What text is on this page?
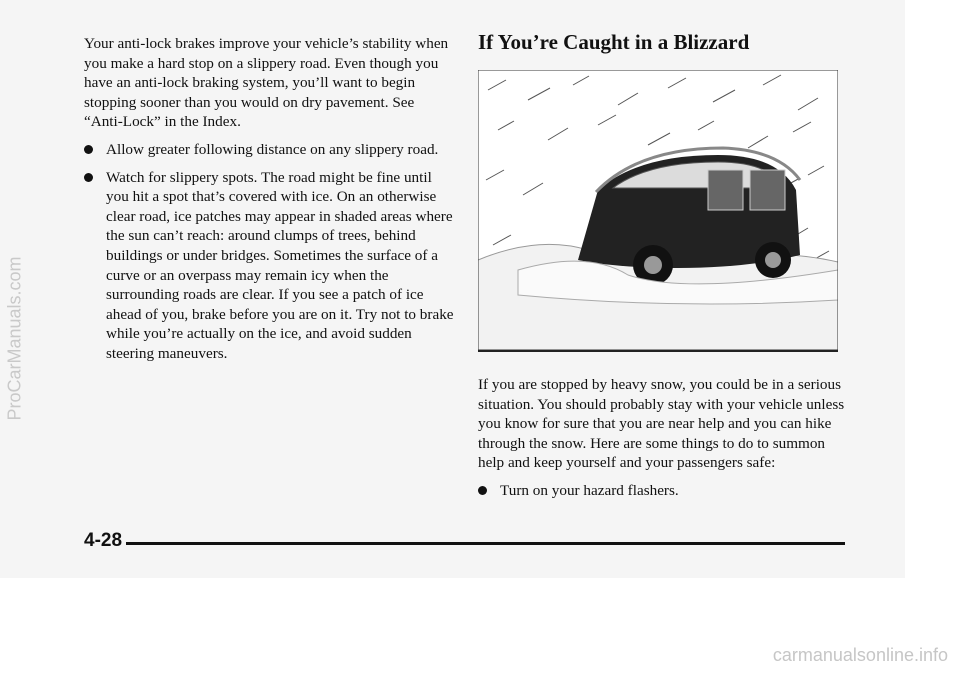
Your anti-lock brakes improve your vehicle’s stability when you make a hard stop on a slippery road. Even though you have an anti-lock braking system, you’ll want to begin stopping sooner than you would on dry pavement. See “Anti-Lock” in the Index.

Allow greater following distance on any slippery road.
Watch for slippery spots. The road might be fine until you hit a spot that’s covered with ice. On an otherwise clear road, ice patches may appear in shaded areas where the sun can’t reach: around clumps of trees, behind buildings or under bridges. Sometimes the surface of a curve or an overpass may remain icy when the surrounding roads are clear. If you see a patch of ice ahead of you, brake before you are on it. Try not to brake while you’re actually on the ice, and avoid sudden steering maneuvers.
If You’re Caught in a Blizzard

If you are stopped by heavy snow, you could be in a serious situation. You should probably stay with your vehicle unless you know for sure that you are near help and you can hike through the snow. Here are some things to do to summon help and keep yourself and your passengers safe:

Turn on your hazard flashers.
4-28
ProCarManuals.com
carmanualsonline.info
